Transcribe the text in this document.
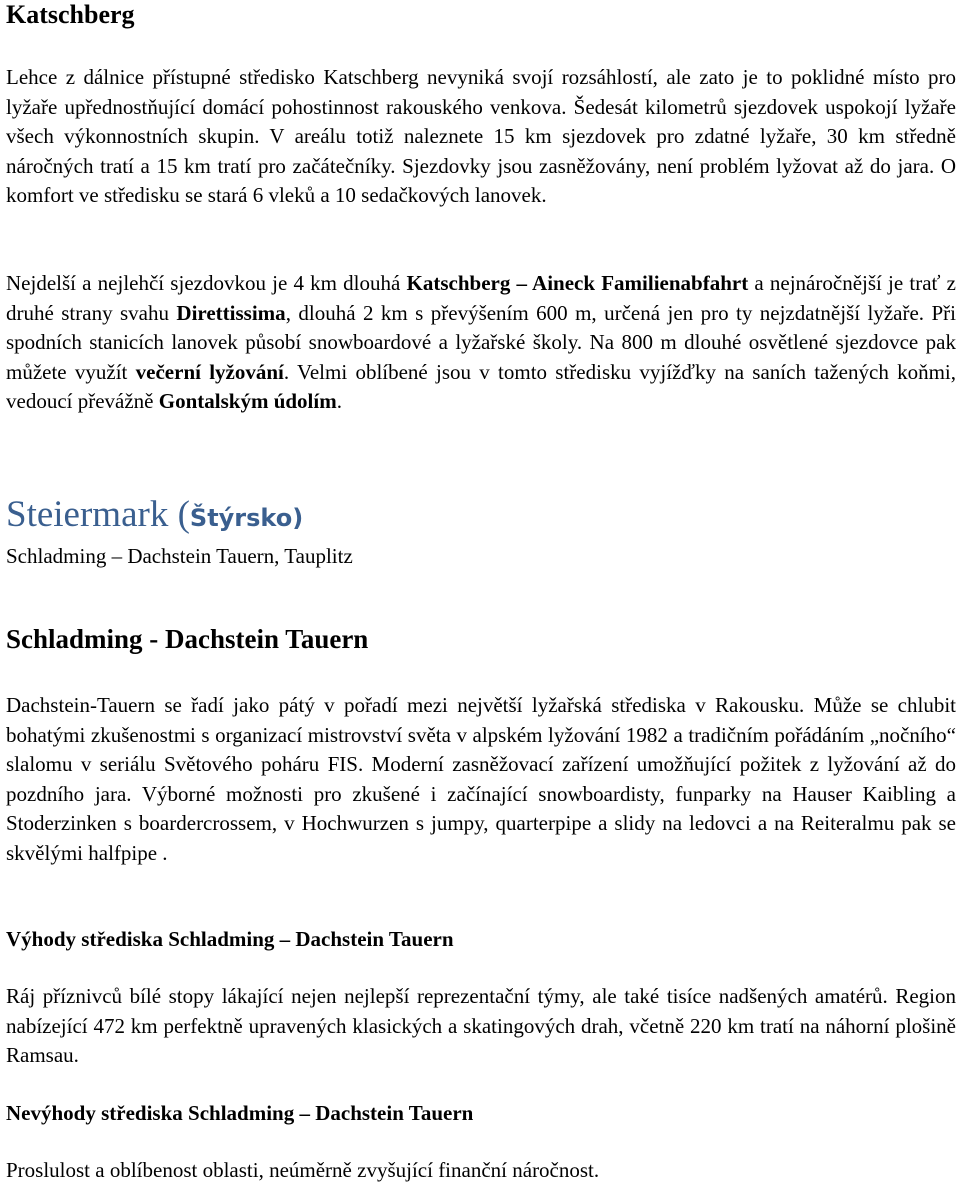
Katschberg
Lehce z dálnice přístupné středisko Katschberg nevyniká svojí rozsáhlostí, ale zato je to poklidné místo pro lyžaře upřednostňující domácí pohostinnost rakouského venkova. Šedesát kilometrů sjezdovek uspokojí lyžaře všech výkonnostních skupin. V areálu totiž naleznete 15 km sjezdovek pro zdatné lyžaře, 30 km středně náročných tratí a 15 km tratí pro začátečníky. Sjezdovky jsou zasněžovány, není problém lyžovat až do jara. O komfort ve středisku se stará 6 vleků a 10 sedačkových lanovek.
Nejdelší a nejlehčí sjezdovkou je 4 km dlouhá Katschberg – Aineck Familienabfahrt a nejnáročnější je trať z druhé strany svahu Direttissima, dlouhá 2 km s převýšením 600 m, určená jen pro ty nejzdatnější lyžaře. Při spodních stanicích lanovek působí snowboardové a lyžařské školy. Na 800 m dlouhé osvětlené sjezdovce pak můžete využít večerní lyžování. Velmi oblíbené jsou v tomto středisku vyjížďky na saních tažených koňmi, vedoucí převážně Gontalským údolím.
Steiermark (Štýrsko)
Schladming – Dachstein Tauern, Tauplitz
Schladming - Dachstein Tauern
Dachstein-Tauern se řadí jako pátý v pořadí mezi největší lyžařská střediska v Rakousku. Může se chlubit bohatými zkušenostmi s organizací mistrovství světa v alpském lyžování 1982 a tradičním pořádáním „nočního“ slalomu v seriálu Světového poháru FIS. Moderní zasněžovací zařízení umožňující požitek z lyžování až do pozdního jara. Výborné možnosti pro zkušené i začínající snowboardisty, funparky na Hauser Kaibling a Stoderzinken s boardercrossem, v Hochwurzen s jumpy, quarterpipe a slidy na ledovci a na Reiteralmu pak se skvělými halfpipe .
Výhody střediska Schladming – Dachstein Tauern
Ráj příznivců bílé stopy lákající nejen nejlepší reprezentační týmy, ale také tisíce nadšených amatérů. Region nabízející 472 km perfektně upravených klasických a skatingových drah, včetně 220 km tratí na náhorní plošině Ramsau.
Nevýhody střediska Schladming – Dachstein Tauern
Proslulost a oblíbenost oblasti, neúměrně zvyšující finanční náročnost.
